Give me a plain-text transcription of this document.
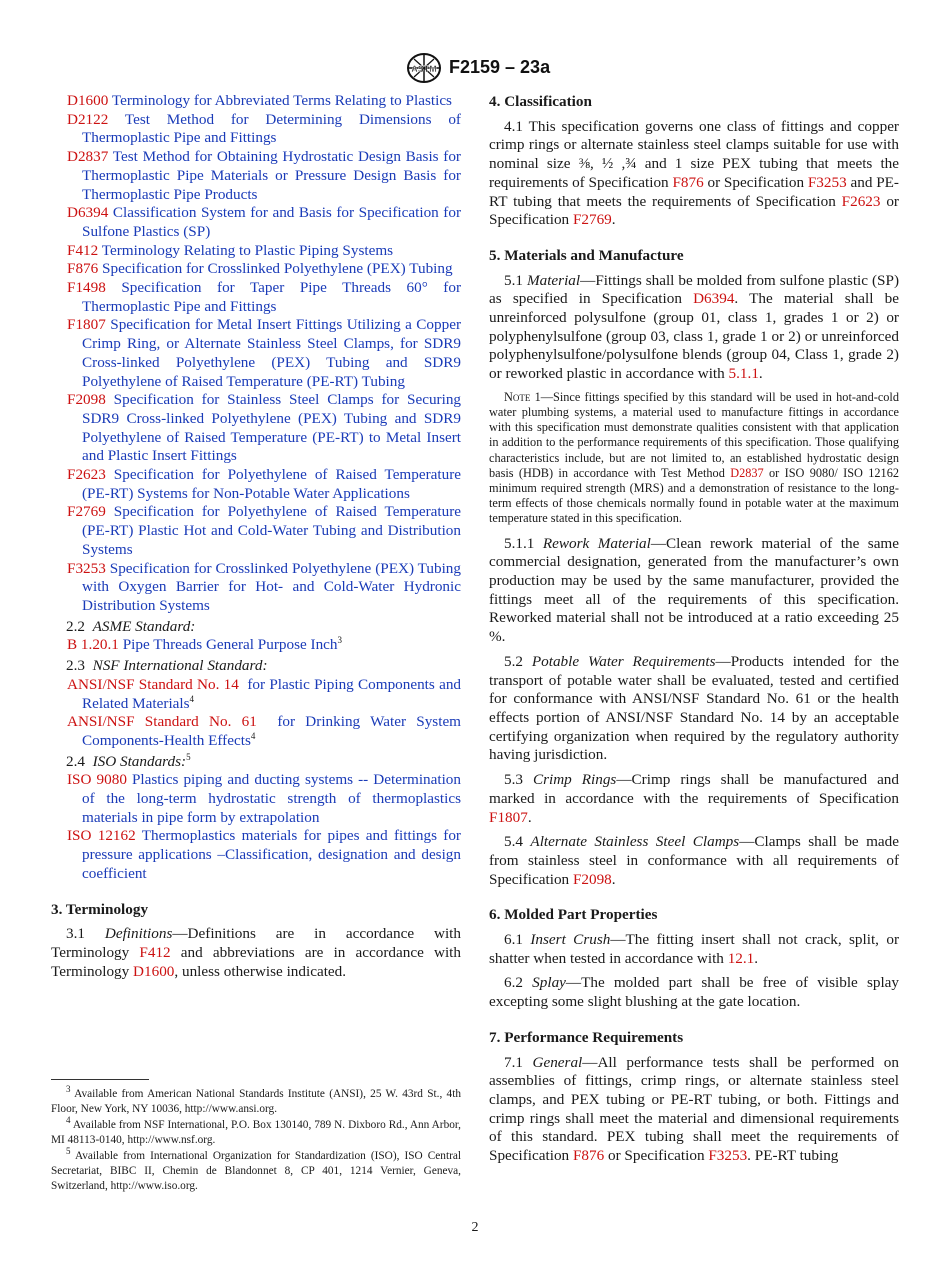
ASTM F2159 – 23a

D1600 Terminology for Abbreviated Terms Relating to Plastics

D2122 Test Method for Determining Dimensions of Thermoplastic Pipe and Fittings

D2837 Test Method for Obtaining Hydrostatic Design Basis for Thermoplastic Pipe Materials or Pressure Design Basis for Thermoplastic Pipe Products

D6394 Classification System for and Basis for Specification for Sulfone Plastics (SP)

F412 Terminology Relating to Plastic Piping Systems

F876 Specification for Crosslinked Polyethylene (PEX) Tubing

F1498 Specification for Taper Pipe Threads 60° for Thermoplastic Pipe and Fittings

F1807 Specification for Metal Insert Fittings Utilizing a Copper Crimp Ring, or Alternate Stainless Steel Clamps, for SDR9 Cross-linked Polyethylene (PEX) Tubing and SDR9 Polyethylene of Raised Temperature (PE-RT) Tubing

F2098 Specification for Stainless Steel Clamps for Securing SDR9 Cross-linked Polyethylene (PEX) Tubing and SDR9 Polyethylene of Raised Temperature (PE-RT) to Metal Insert and Plastic Insert Fittings

F2623 Specification for Polyethylene of Raised Temperature (PE-RT) Systems for Non-Potable Water Applications

F2769 Specification for Polyethylene of Raised Temperature (PE-RT) Plastic Hot and Cold-Water Tubing and Distribution Systems

F3253 Specification for Crosslinked Polyethylene (PEX) Tubing with Oxygen Barrier for Hot- and Cold-Water Hydronic Distribution Systems

2.2 ASME Standard:

B 1.20.1 Pipe Threads General Purpose Inch$^3$

2.3 NSF International Standard:

ANSI/NSF Standard No. 14 for Plastic Piping Components and Related Materials$^4$

ANSI/NSF Standard No. 61 for Drinking Water System Components-Health Effects$^4$

2.4 ISO Standards:$^5$

ISO 9080 Plastics piping and ducting systems -- Determination of the long-term hydrostatic strength of thermoplastics materials in pipe form by extrapolation

ISO 12162 Thermoplastics materials for pipes and fittings for pressure applications –Classification, designation and design coefficient

3. Terminology

3.1 Definitions—Definitions are in accordance with Terminology F412 and abbreviations are in accordance with Terminology D1600, unless otherwise indicated.

$^3$ Available from American National Standards Institute (ANSI), 25 W. 43rd St., 4th Floor, New York, NY 10036, http://www.ansi.org.

$^4$ Available from NSF International, P.O. Box 130140, 789 N. Dixboro Rd., Ann Arbor, MI 48113-0140, http://www.nsf.org.

$^5$ Available from International Organization for Standardization (ISO), ISO Central Secretariat, BIBC II, Chemin de Blandonnet 8, CP 401, 1214 Vernier, Geneva, Switzerland, http://www.iso.org.

4. Classification

4.1 This specification governs one class of fittings and copper crimp rings or alternate stainless steel clamps suitable for use with nominal size ⅜, ½ ,¾ and 1 size PEX tubing that meets the requirements of Specification F876 or Specification F3253 and PE-RT tubing that meets the requirements of Specification F2623 or Specification F2769.

5. Materials and Manufacture

5.1 Material—Fittings shall be molded from sulfone plastic (SP) as specified in Specification D6394. The material shall be unreinforced polysulfone (group 01, class 1, grades 1 or 2) or polyphenylsulfone (group 03, class 1, grade 1 or 2) or unreinforced polyphenylsulfone/polysulfone blends (group 04, Class 1, grade 2) or reworked plastic in accordance with 5.1.1.

Note 1—Since fittings specified by this standard will be used in hot-and-cold water plumbing systems, a material used to manufacture fittings in accordance with this specification must demonstrate qualities consistent with that application in addition to the performance requirements of this specification. Those qualifying characteristics include, but are not limited to, an established hydrostatic design basis (HDB) in accordance with Test Method D2837 or ISO 9080/ ISO 12162 minimum required strength (MRS) and a demonstration of resistance to the long-term effects of those chemicals normally found in potable water at the maximum temperature stated in this specification.

5.1.1 Rework Material—Clean rework material of the same commercial designation, generated from the manufacturer’s own production may be used by the same manufacturer, provided the fittings meet all of the requirements of this specification. Reworked material shall not be introduced at a ratio exceeding 25 %.

5.2 Potable Water Requirements—Products intended for the transport of potable water shall be evaluated, tested and certified for conformance with ANSI/NSF Standard No. 61 or the health effects portion of ANSI/NSF Standard No. 14 by an acceptable certifying organization when required by the regulatory authority having jurisdiction.

5.3 Crimp Rings—Crimp rings shall be manufactured and marked in accordance with the requirements of Specification F1807.

5.4 Alternate Stainless Steel Clamps—Clamps shall be made from stainless steel in conformance with all requirements of Specification F2098.

6. Molded Part Properties

6.1 Insert Crush—The fitting insert shall not crack, split, or shatter when tested in accordance with 12.1.

6.2 Splay—The molded part shall be free of visible splay excepting some slight blushing at the gate location.

7. Performance Requirements

7.1 General—All performance tests shall be performed on assemblies of fittings, crimp rings, or alternate stainless steel clamps, and PEX tubing or PE-RT tubing, or both. Fittings and crimp rings shall meet the material and dimensional requirements of this standard. PEX tubing shall meet the requirements of Specification F876 or Specification F3253. PE-RT tubing

2
